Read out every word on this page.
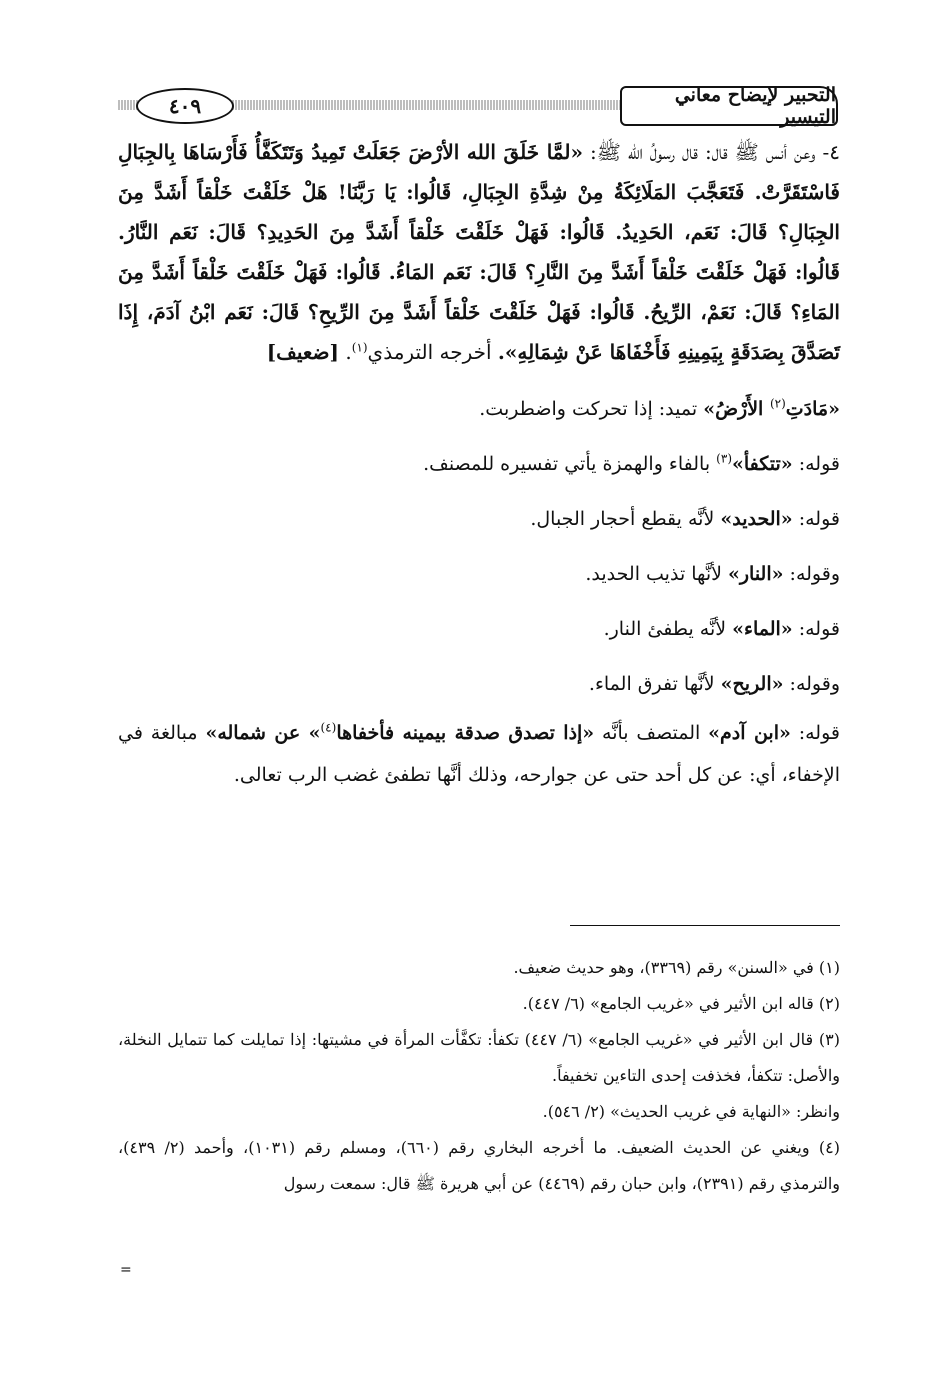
التحبير لإيضاح معاني التيسير
٤٠٩

٤- وعن أنس ﷺ قال: قال رسولُ الله ﷺ: «لمَّا خَلَقَ الله الأرْضَ جَعَلَتْ تَمِيدُ وَتَتَكَفَّأُ فَأَرْسَاهَا بِالجِبَالِ فَاسْتَقَرَّتْ. فَتَعَجَّبَ المَلَائِكَةُ مِنْ شِدَّةِ الجِبَالِ، قَالُوا: يَا رَبَّنَا! هَلْ خَلَقْتَ خَلْقاً أَشَدَّ مِنَ الجِبَالِ؟ قَالَ: نَعَم، الحَدِيدُ. قَالُوا: فَهَلْ خَلَقْتَ خَلْقاً أَشَدَّ مِنَ الحَدِيدِ؟ قَالَ: نَعَم النَّارُ. قَالُوا: فَهَلْ خَلَقْتَ خَلْقاً أَشَدَّ مِنَ النَّارِ؟ قَالَ: نَعَم المَاءُ. قَالُوا: فَهَلْ خَلَقْتَ خَلْقاً أَشَدَّ مِنَ المَاءِ؟ قَالَ: نَعَمْ، الرِّيحُ. قَالُوا: فَهَلْ خَلَقْتَ خَلْقاً أَشَدَّ مِنَ الرِّيحِ؟ قَالَ: نَعَم ابْنُ آدَمَ، إِذَا تَصَدَّقَ بِصَدَقَةٍ بِيَمِينِهِ فَأَخْفَاهَا عَنْ شِمَالِهِ». أخرجه الترمذي$^{(١)}$. [ضعيف]

«مَادَتِ$^{(٢)}$ الأَرْضُ» تميد: إذا تحركت واضطربت.

قوله: «تتكفأ»$^{(٣)}$ بالفاء والهمزة يأتي تفسيره للمصنف.

قوله: «الحديد» لأنَّه يقطع أحجار الجبال.

وقوله: «النار» لأنَّها تذيب الحديد.

قوله: «الماء» لأنَّه يطفئ النار.

وقوله: «الريح» لأنَّها تفرق الماء.

قوله: «ابن آدم» المتصف بأنَّه «إذا تصدق صدقة بيمينه فأخفاها$^{(٤)}$» عن شماله» مبالغة في الإخفاء، أي: عن كل أحد حتى عن جوارحه، وذلك أنَّها تطفئ غضب الرب تعالى.

(١) في «السنن» رقم (٣٣٦٩)، وهو حديث ضعيف.

(٢) قاله ابن الأثير في «غريب الجامع» (٦/ ٤٤٧).

(٣) قال ابن الأثير في «غريب الجامع» (٦/ ٤٤٧) تكفأ: تكفَّأت المرأة في مشيتها: إذا تمايلت كما تتمايل النخلة، والأصل: تتكفأ، فخذفت إحدى التاءين تخفيفاً.

وانظر: «النهاية في غريب الحديث» (٢/ ٥٤٦).

(٤) ويغني عن الحديث الضعيف. ما أخرجه البخاري رقم (٦٦٠)، ومسلم رقم (١٠٣١)، وأحمد (٢/ ٤٣٩)، والترمذي رقم (٢٣٩١)، وابن حبان رقم (٤٤٦٩) عن أبي هريرة ﷺ قال: سمعت رسول

=
